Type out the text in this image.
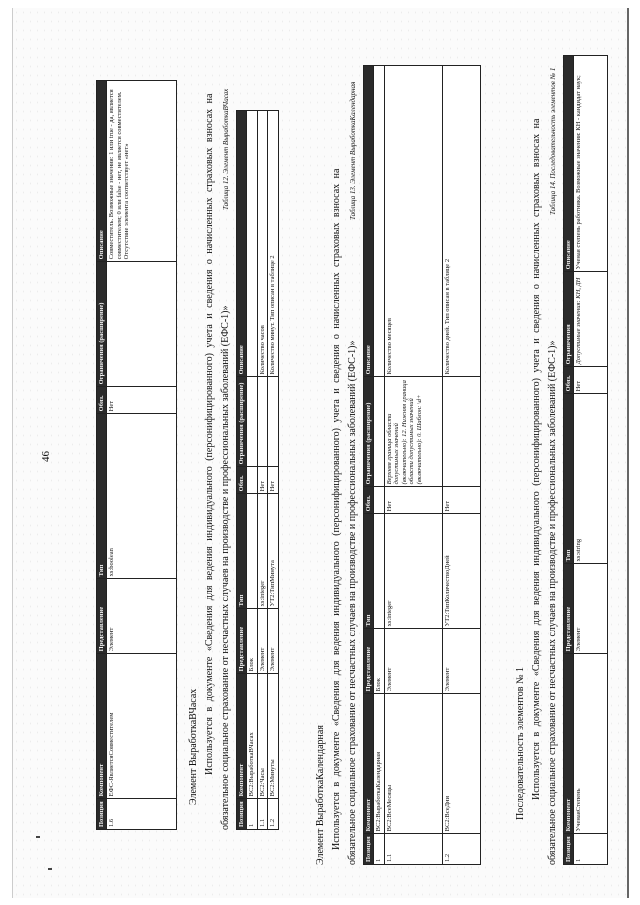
46
Позиция	Компонент	Представление	Тип	Обяз.	Ограничения (расширение)	Описание
1.6	ЕФС-ЯвляетсяСовместителем	Элемент	xs:boolean	Нет		Совместитель. Возможные значения: 1 или true - да, является совместителем; 0 или false - нет, не является совместителем. Отсутствие элемента соответствует «нет»
Элемент ВыработкаВЧасах Используется в документе «Сведения для ведения индивидуального (персонифицированного) учета и сведения о начисленных страховых взносах на обязательное социальное страхование от несчастных случаев на производстве и профессиональных заболеваний (ЕФС-1)»
Таблица 12. Элемент ВыработкаВЧасах
Позиция	Компонент	Представление	Тип	Обяз.	Ограничения (расширение)	Описание
1	ВС2:ВыработкаВЧасах	Блок				
1.1	ВС2:Часы	Элемент	xs:integer	Нет		Количество часов
1.2	ВС2:Минуты	Элемент	УТ2:ТипМинута	Нет		Количество минут. Тип описан в таблице 2
Элемент ВыработкаКалендарная Используется в документе «Сведения для ведения индивидуального (персонифицированного) учета и сведения о начисленных страховых взносах на обязательное социальное страхование от несчастных случаев на производстве и профессиональных заболеваний (ЕФС-1)»
Таблица 13. Элемент ВыработкаКалендарная
Позиция	Компонент	Представление	Тип	Обяз.	Ограничения (расширение)	Описание
1	ВС2:ВыработкаКалендарная	Блок				
1.1	ВС2:ВсеМесяцы	Элемент	xs:integer	Нет	Верхняя граница области допустимых значений (включительно): 12. Нижняя граница области допустимых значений (включительно): 0. Шаблон: \d+	Количество месяцев
1.2	ВС2:ВсеДни	Элемент	УТ2:ТипКоличествоДней	Нет		Количество дней. Тип описан в таблице 2
Последовательность элементов № 1 Используется в документе «Сведения для ведения индивидуального (персонифицированного) учета и сведения о начисленных страховых взносах на обязательное социальное страхование от несчастных случаев на производстве и профессиональных заболеваний (ЕФС-1)»
Таблица 14. Последовательность элементов № 1
Позиция	Компонент	Представление	Тип	Обяз.	Ограничения	Описание
1	УченаяСтепень	Элемент	xs:string	Нет	Допустимые значения: КН, ДН	Ученая степень работника. Возможные значения: КН - кандидат наук;
